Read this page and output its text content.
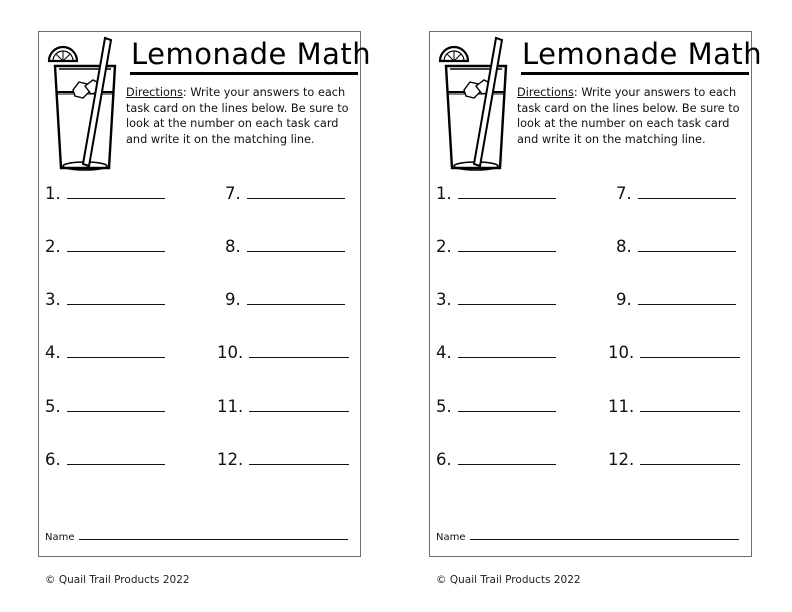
Lemonade Math
Directions: Write your answers to each task card on the lines below. Be sure to look at the number on each task card and write it on the matching line.
1.
2.
3.
4.
5.
6.
7.
8.
9.
10.
11.
12.
Name
© Quail Trail Products 2022
Lemonade Math
Directions: Write your answers to each task card on the lines below. Be sure to look at the number on each task card and write it on the matching line.
1.
2.
3.
4.
5.
6.
7.
8.
9.
10.
11.
12.
Name
© Quail Trail Products 2022
